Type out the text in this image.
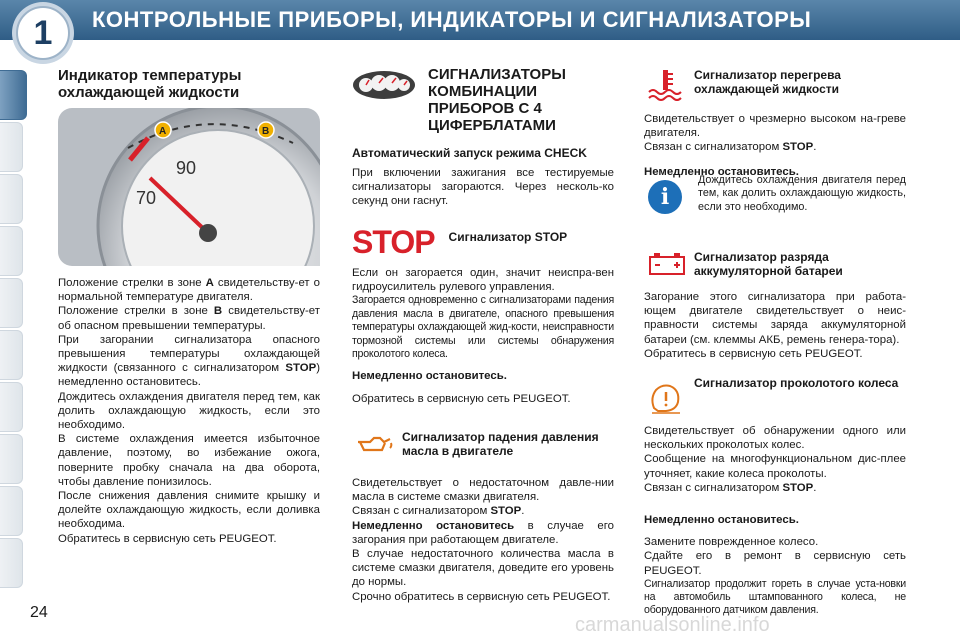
КОНТРОЛЬНЫЕ ПРИБОРЫ, ИНДИКАТОРЫ И СИГНАЛИЗАТОРЫ
1
Индикатор температуры охлаждающей жидкости
70
90
A	B

Положение стрелки в зоне A свидетельству-ет о нормальной температуре двигателя.

Положение стрелки в зоне B свидетельству-ет об опасном превышении температуры.

При загорании сигнализатора опасного превышения температуры охлаждающей жидкости (связанного с сигнализатором STOP) немедленно остановитесь.

Дождитесь охлаждения двигателя перед тем, как долить охлаждающую жидкость, если это необходимо.

В системе охлаждения имеется избыточное давление, поэтому, во избежание ожога, поверните пробку сначала на два оборота, чтобы давление понизилось.

После снижения давления снимите крышку и долейте охлаждающую жидкость, если доливка необходима.

Обратитесь в сервисную сеть PEUGEOT.

СИГНАЛИЗАТОРЫ КОМБИНАЦИИ ПРИБОРОВ С 4 ЦИФЕРБЛАТАМИ
Автоматический запуск режима CHECK

При включении зажигания все тестируемые сигнализаторы загораются. Через несколь-ко секунд они гаснут.

STOP Сигнализатор STOP

Если он загорается один, значит неиспра-вен гидроусилитель рулевого управления.

Загорается одновременно с сигнализаторами падения давления масла в двигателе, опасного превышения температуры охлаждающей жид-кости, неисправности тормозной системы или системы обнаружения проколотого колеса.

Немедленно остановитесь.

Обратитесь в сервисную сеть PEUGEOT.

Сигнализатор падения давления масла в двигателе

Свидетельствует о недостаточном давле-нии масла в системе смазки двигателя.

Связан с сигнализатором STOP.

Немедленно остановитесь в случае его загорания при работающем двигателе.

В случае недостаточного количества масла в системе смазки двигателя, доведите его уровень до нормы.

Срочно обратитесь в сервисную сеть PEUGEOT.

Сигнализатор перегрева охлаждающей жидкости

Свидетельствует о чрезмерно высоком на-греве двигателя.

Связан с сигнализатором STOP.

Немедленно остановитесь.

i

Дождитесь охлаждения двигателя перед тем, как долить охлаждающую жидкость, если это необходимо.

Сигнализатор разряда аккумуляторной батареи

Загорание этого сигнализатора при работа-ющем двигателе свидетельствует о неис-правности системы заряда аккумуляторной батареи (см. клеммы АКБ, ремень генера-тора).

Обратитесь в сервисную сеть PEUGEOT.

Сигнализатор проколотого колеса

Свидетельствует об обнаружении одного или нескольких проколотых колес.

Сообщение на многофункциональном дис-плее уточняет, какие колеса проколоты.

Связан с сигнализатором STOP.

Немедленно остановитесь.

Замените поврежденное колесо.

Сдайте его в ремонт в сервисную сеть PEUGEOT.

Сигнализатор продолжит гореть в случае уста-новки на автомобиль штампованного колеса, не оборудованного датчиком давления.

24
carmanualsonline.info
